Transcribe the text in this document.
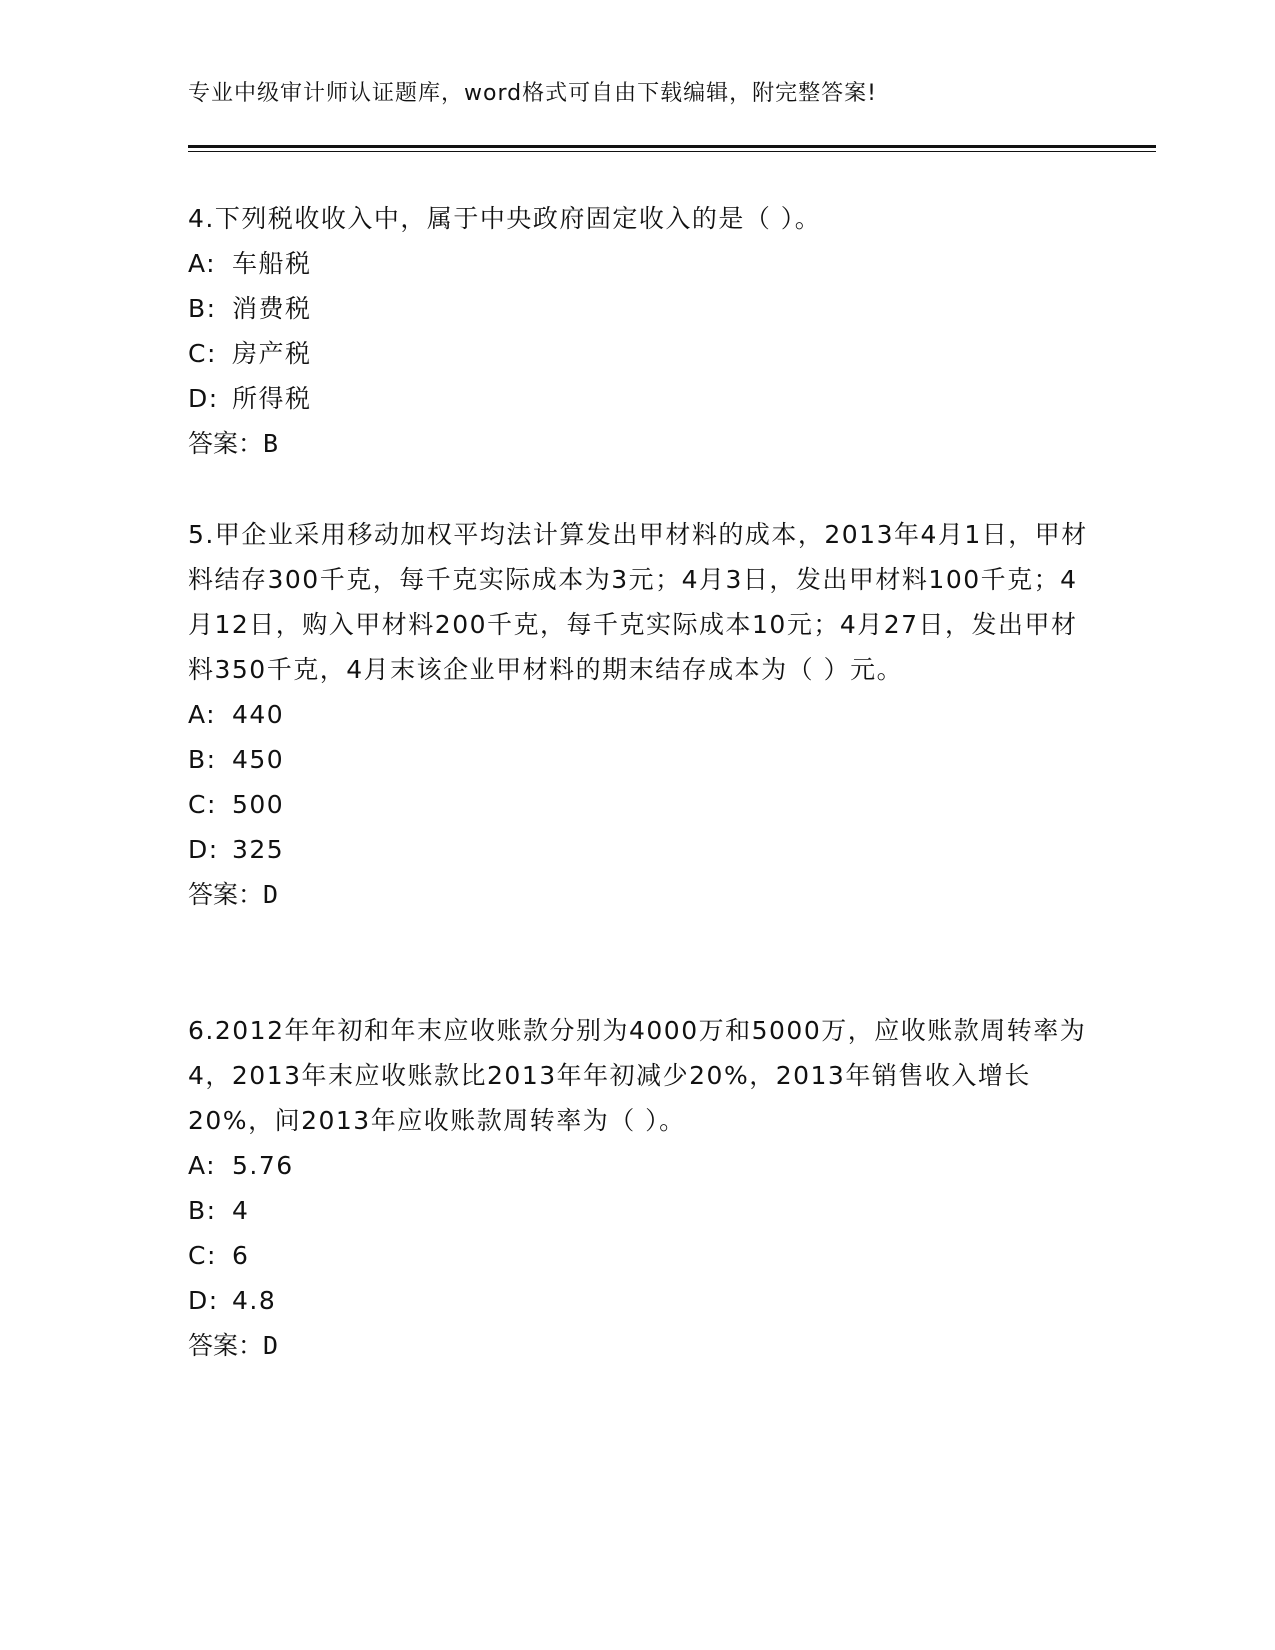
专业中级审计师认证题库，word格式可自由下载编辑，附完整答案!
4.下列税收收入中，属于中央政府固定收入的是（ ）。
A: 车船税
B: 消费税
C: 房产税
D: 所得税
答案：B
5.甲企业采用移动加权平均法计算发出甲材料的成本，2013年4月1日，甲材料结存300千克，每千克实际成本为3元；4月3日，发出甲材料100千克；4月12日，购入甲材料200千克，每千克实际成本10元；4月27日，发出甲材料350千克，4月末该企业甲材料的期末结存成本为（ ）元。
A: 440
B: 450
C: 500
D: 325
答案：D
6.2012年年初和年末应收账款分别为4000万和5000万，应收账款周转率为4，2013年末应收账款比2013年年初减少20%，2013年销售收入增长20%，问2013年应收账款周转率为（ ）。
A: 5.76
B: 4
C: 6
D: 4.8
答案：D
